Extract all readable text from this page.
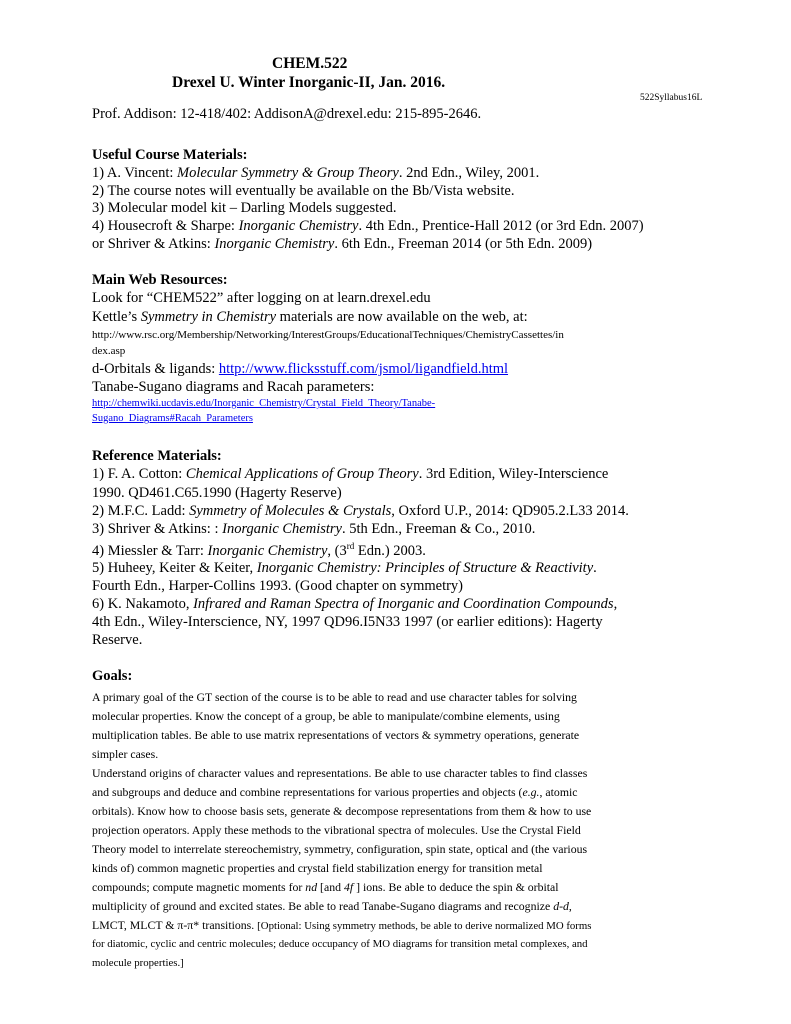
CHEM.522
Drexel U. Winter Inorganic-II, Jan. 2016.
522Syllabus16L
Prof. Addison: 12-418/402: AddisonA@drexel.edu: 215-895-2646.
Useful Course Materials:
1) A. Vincent: Molecular Symmetry & Group Theory. 2nd Edn., Wiley, 2001.
2) The course notes will eventually be available on the Bb/Vista website.
3) Molecular model kit – Darling Models suggested.
4) Housecroft & Sharpe: Inorganic Chemistry. 4th Edn., Prentice-Hall 2012 (or 3rd Edn. 2007)
or Shriver & Atkins: Inorganic Chemistry. 6th Edn., Freeman 2014 (or 5th Edn. 2009)
Main Web Resources:
Look for “CHEM522” after logging on at learn.drexel.edu
Kettle’s Symmetry in Chemistry materials are now available on the web, at:
http://www.rsc.org/Membership/Networking/InterestGroups/EducationalTechniques/ChemistryCassettes/in
dex.asp
d-Orbitals & ligands: http://www.flicksstuff.com/jsmol/ligandfield.html
Tanabe-Sugano diagrams and Racah parameters:
http://chemwiki.ucdavis.edu/Inorganic_Chemistry/Crystal_Field_Theory/Tanabe-
Sugano_Diagrams#Racah_Parameters
Reference Materials:
1) F. A. Cotton: Chemical Applications of Group Theory. 3rd Edition, Wiley-Interscience
1990. QD461.C65.1990 (Hagerty Reserve)
2) M.F.C. Ladd: Symmetry of Molecules & Crystals, Oxford U.P., 2014: QD905.2.L33 2014.
3) Shriver & Atkins: : Inorganic Chemistry. 5th Edn., Freeman & Co., 2010.
4) Miessler & Tarr: Inorganic Chemistry, (3rd Edn.) 2003.
5) Huheey, Keiter & Keiter, Inorganic Chemistry: Principles of Structure & Reactivity.
Fourth Edn., Harper-Collins 1993. (Good chapter on symmetry)
6) K. Nakamoto, Infrared and Raman Spectra of Inorganic and Coordination Compounds,
4th Edn., Wiley-Interscience, NY, 1997 QD96.I5N33 1997 (or earlier editions): Hagerty
Reserve.
Goals:
A primary goal of the GT section of the course is to be able to read and use character tables for solving
molecular properties. Know the concept of a group, be able to manipulate/combine elements, using
multiplication tables. Be able to use matrix representations of vectors & symmetry operations, generate
simpler cases.
Understand origins of character values and representations. Be able to use character tables to find classes
and subgroups and deduce and combine representations for various properties and objects (e.g., atomic
orbitals). Know how to choose basis sets, generate & decompose representations from them & how to use
projection operators. Apply these methods to the vibrational spectra of molecules. Use the Crystal Field
Theory model to interrelate stereochemistry, symmetry, configuration, spin state, optical and (the various
kinds of) common magnetic properties and crystal field stabilization energy for transition metal
compounds; compute magnetic moments for nd [and 4f ] ions. Be able to deduce the spin & orbital
multiplicity of ground and excited states. Be able to read Tanabe-Sugano diagrams and recognize d-d,
LMCT, MLCT & π-π* transitions. [Optional: Using symmetry methods, be able to derive normalized MO forms
for diatomic, cyclic and centric molecules; deduce occupancy of MO diagrams for transition metal complexes, and
molecule properties.]
